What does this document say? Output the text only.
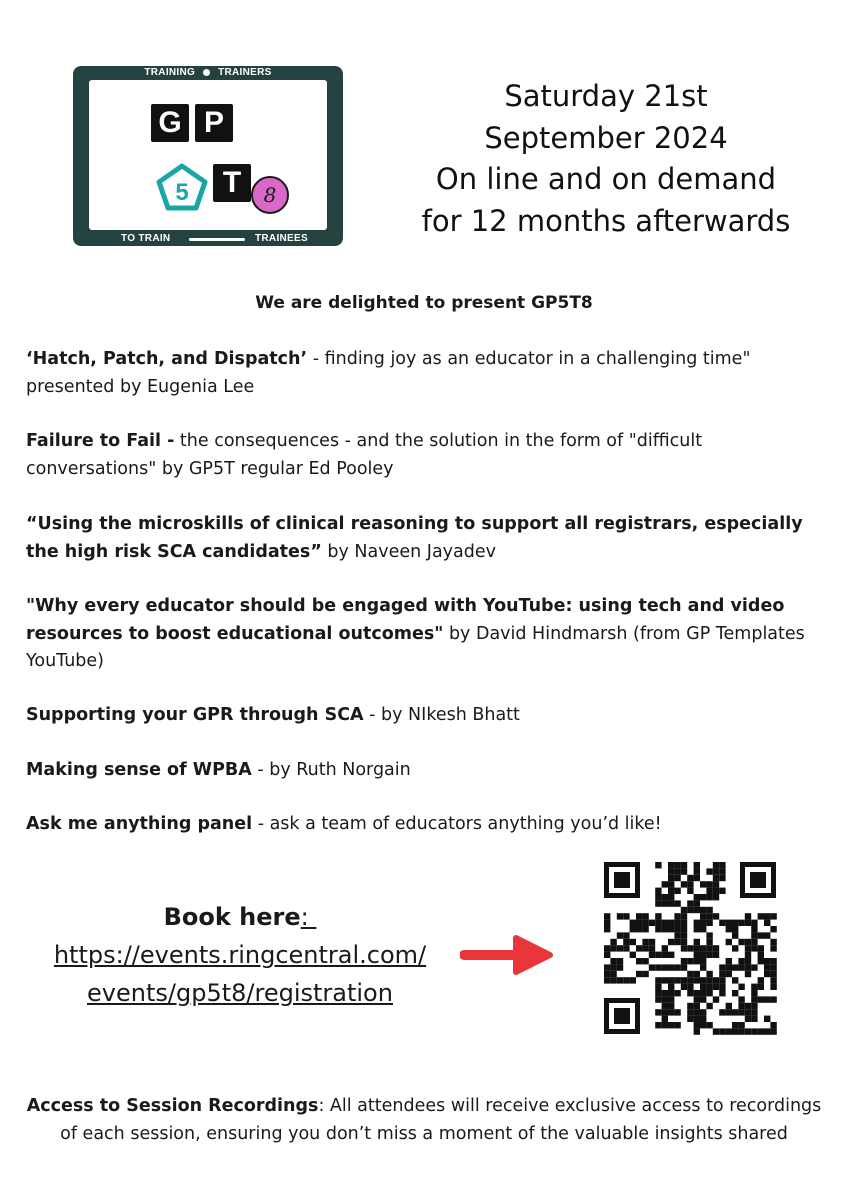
TRAINING TRAINERS
G P
5	T	8
TO TRAIN	TRAINEES
Saturday 21st
September 2024
On line and on demand
for 12 months afterwards
We are delighted to present GP5T8
‘Hatch, Patch, and Dispatch’ - finding joy as an educator in a challenging time" presented by Eugenia Lee
Failure to Fail - the consequences - and the solution in the form of "difficult conversations" by GP5T regular Ed Pooley
“Using the microskills of clinical reasoning to support all registrars, especially the high risk SCA candidates” by Naveen Jayadev
"Why every educator should be engaged with YouTube: using tech and video resources to boost educational outcomes" by David Hindmarsh (from GP Templates YouTube)
Supporting your GPR through SCA - by NIkesh Bhatt
Making sense of WPBA - by Ruth Norgain
Ask me anything panel - ask a team of educators anything you’d like!
Book here:
https://events.ringcentral.com/
events/gp5t8/registration
Access to Session Recordings: All attendees will receive exclusive access to recordings of each session, ensuring you don’t miss a moment of the valuable insights shared
